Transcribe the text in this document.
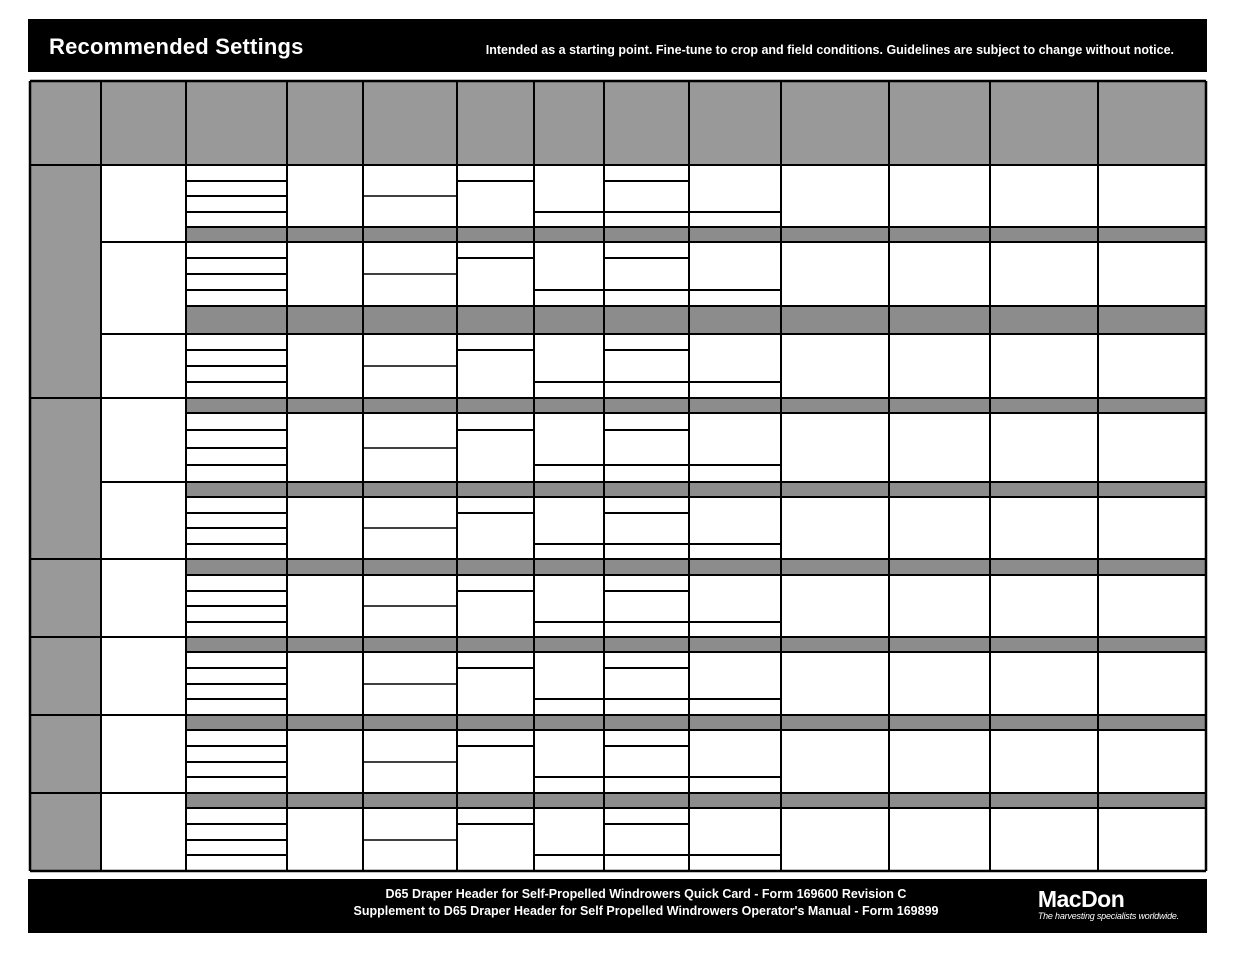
Recommended Settings	Intended as a starting point. Fine-tune to crop and field conditions. Guidelines are subject to change without notice.
D65 Draper Header for Self-Propelled Windrowers Quick Card - Form 169600 Revision C
Supplement to D65 Draper Header for Self Propelled Windrowers Operator's Manual - Form 169899	MacDon
The harvesting specialists worldwide.
